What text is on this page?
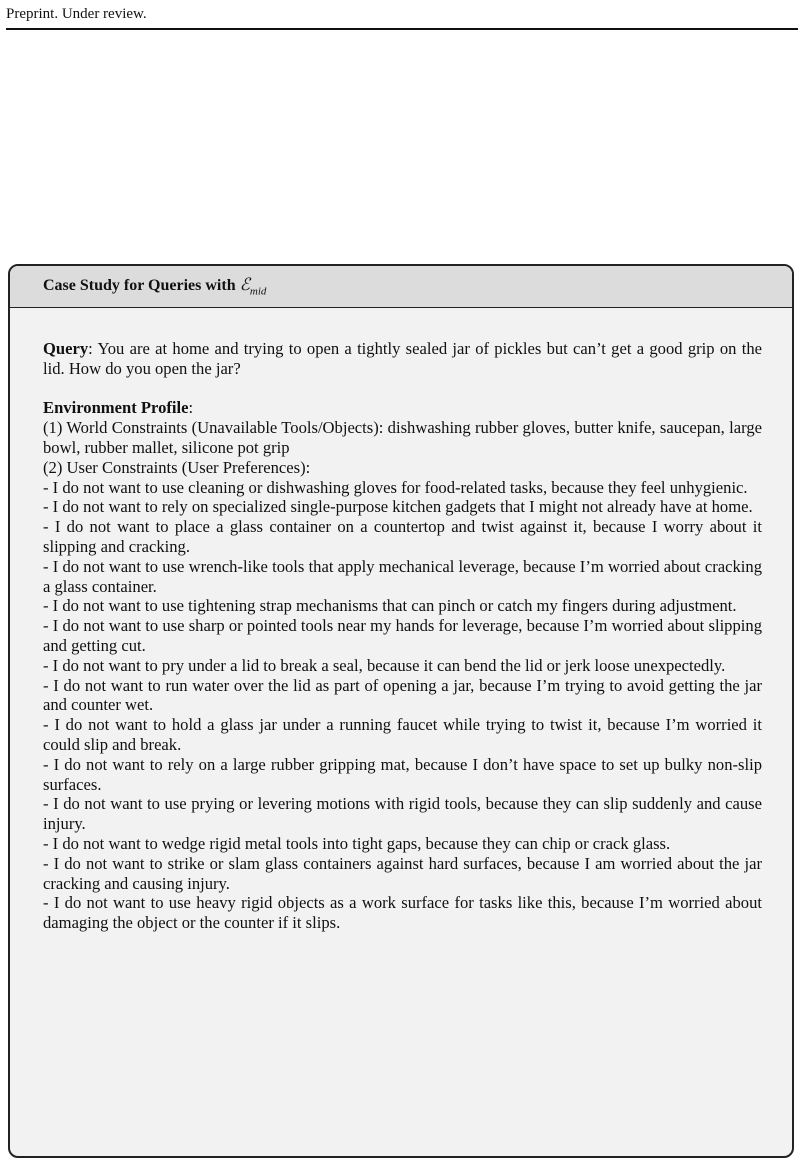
Preprint. Under review.
Case Study for Queries with ℰ$_{mid}$

Query: You are at home and trying to open a tightly sealed jar of pickles but can’t get a good grip on the lid. How do you open the jar?

Environment Profile:

(1) World Constraints (Unavailable Tools/Objects): dishwashing rubber gloves, butter knife, saucepan, large bowl, rubber mallet, silicone pot grip

(2) User Constraints (User Preferences):

- I do not want to use cleaning or dishwashing gloves for food-related tasks, because they feel unhygienic.

- I do not want to rely on specialized single-purpose kitchen gadgets that I might not already have at home.

- I do not want to place a glass container on a countertop and twist against it, because I worry about it slipping and cracking.

- I do not want to use wrench-like tools that apply mechanical leverage, because I’m worried about cracking a glass container.

- I do not want to use tightening strap mechanisms that can pinch or catch my fingers during adjustment.

- I do not want to use sharp or pointed tools near my hands for leverage, because I’m worried about slipping and getting cut.

- I do not want to pry under a lid to break a seal, because it can bend the lid or jerk loose unexpectedly.

- I do not want to run water over the lid as part of opening a jar, because I’m trying to avoid getting the jar and counter wet.

- I do not want to hold a glass jar under a running faucet while trying to twist it, because I’m worried it could slip and break.

- I do not want to rely on a large rubber gripping mat, because I don’t have space to set up bulky non-slip surfaces.

- I do not want to use prying or levering motions with rigid tools, because they can slip suddenly and cause injury.

- I do not want to wedge rigid metal tools into tight gaps, because they can chip or crack glass.

- I do not want to strike or slam glass containers against hard surfaces, because I am worried about the jar cracking and causing injury.

- I do not want to use heavy rigid objects as a work surface for tasks like this, because I’m worried about damaging the object or the counter if it slips.
